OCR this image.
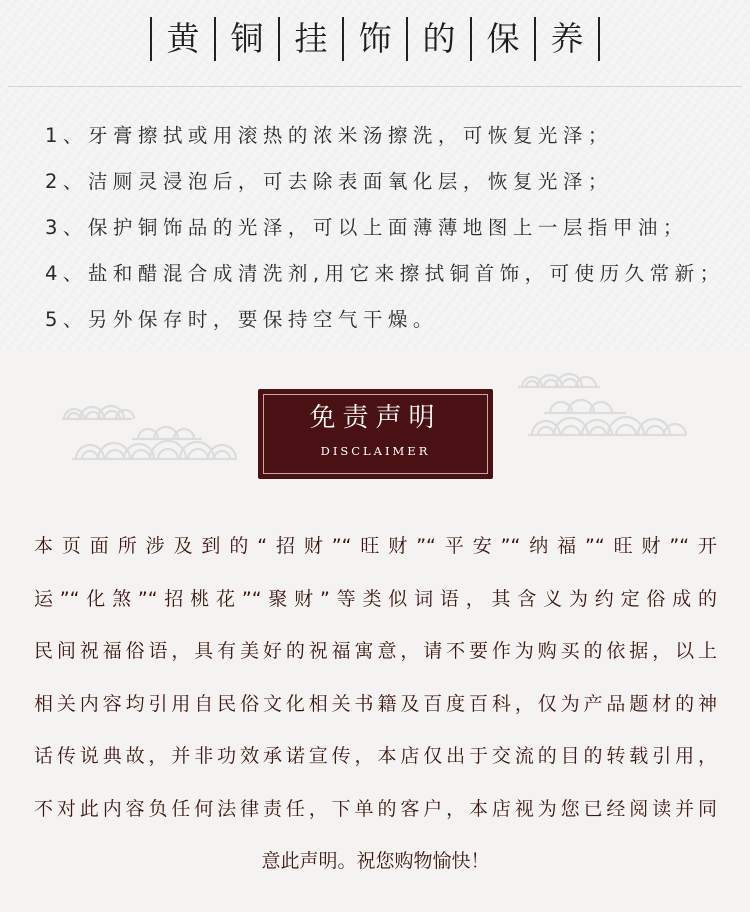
黄 铜 挂 饰 的 保 养
1、牙膏擦拭或用滚热的浓米汤擦洗，可恢复光泽；
2、洁厕灵浸泡后，可去除表面氧化层，恢复光泽；
3、保护铜饰品的光泽，可以上面薄薄地图上一层指甲油；
4、盐和醋混合成清洗剂,用它来擦拭铜首饰，可使历久常新；
5、另外保存时，要保持空气干燥。
免责声明
DISCLAIMER
本页面所涉及到的“招财”“旺财”“平安”“纳福”“旺财”“开
运”“化煞”“招桃花”“聚财”等类似词语，其含义为约定俗成的
民间祝福俗语，具有美好的祝福寓意，请不要作为购买的依据，以上
相关内容均引用自民俗文化相关书籍及百度百科，仅为产品题材的神
话传说典故，并非功效承诺宣传，本店仅出于交流的目的转载引用，
不对此内容负任何法律责任，下单的客户，本店视为您已经阅读并同
意此声明。祝您购物愉快！
